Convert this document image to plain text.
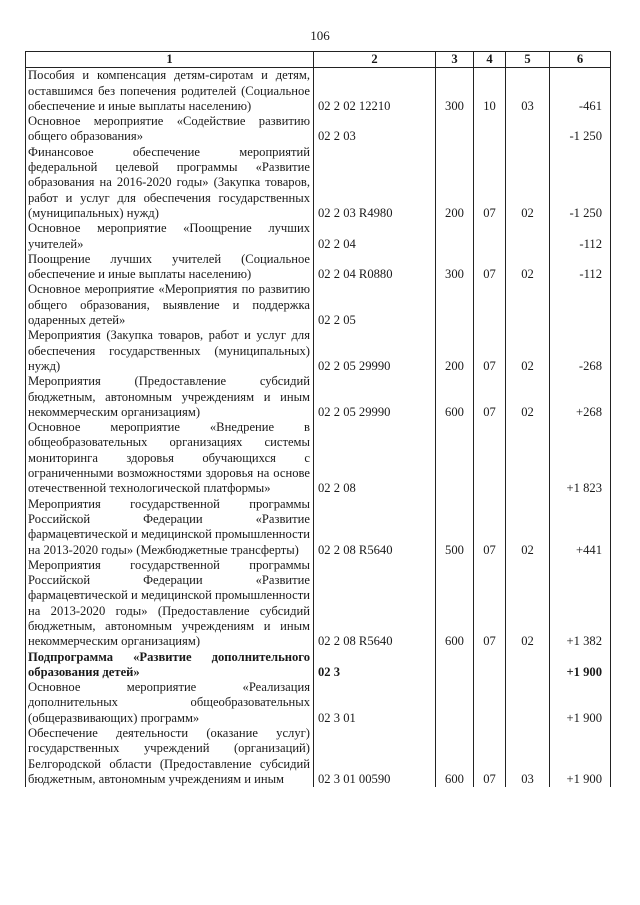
106
1	2	3	4	5	6
Пособия и компенсация детям-сиротам и детям, оставшимся без попечения родителей (Социальное обеспечение и иные выплаты населению)	02 2 02 12210	300	10	03	-461
Основное мероприятие «Содействие развитию общего образования»	02 2 03				-1 250
Финансовое обеспечение мероприятий федеральной целевой программы «Развитие образования на 2016-2020 годы» (Закупка товаров, работ и услуг для обеспечения государственных (муниципальных) нужд)	02 2 03 R4980	200	07	02	-1 250
Основное мероприятие «Поощрение лучших учителей»	02 2 04				-112
Поощрение лучших учителей (Социальное обеспечение и иные выплаты населению)	02 2 04 R0880	300	07	02	-112
Основное мероприятие «Мероприятия по развитию общего образования, выявление и поддержка одаренных детей»	02 2 05				
Мероприятия (Закупка товаров, работ и услуг для обеспечения государственных (муниципальных) нужд)	02 2 05 29990	200	07	02	-268
Мероприятия (Предоставление субсидий бюджетным, автономным учреждениям и иным некоммерческим организациям)	02 2 05 29990	600	07	02	+268
Основное мероприятие «Внедрение в общеобразовательных организациях системы мониторинга здоровья обучающихся с ограниченными возможностями здоровья на основе отечественной технологической платформы»	02 2 08				+1 823
Мероприятия государственной программы Российской Федерации «Развитие фармацевтической и медицинской промышленности на 2013-2020 годы» (Межбюджетные трансферты)	02 2 08 R5640	500	07	02	+441
Мероприятия государственной программы Российской Федерации «Развитие фармацевтической и медицинской промышленности на 2013-2020 годы» (Предоставление субсидий бюджетным, автономным учреждениям и иным некоммерческим организациям)	02 2 08 R5640	600	07	02	+1 382
Подпрограмма «Развитие дополнительного образования детей»	02 3				+1 900
Основное мероприятие «Реализация дополнительных общеобразовательных (общеразвивающих) программ»	02 3 01				+1 900
Обеспечение деятельности (оказание услуг) государственных учреждений (организаций) Белгородской области (Предоставление субсидий бюджетным, автономным учреждениям и иным	02 3 01 00590	600	07	03	+1 900
